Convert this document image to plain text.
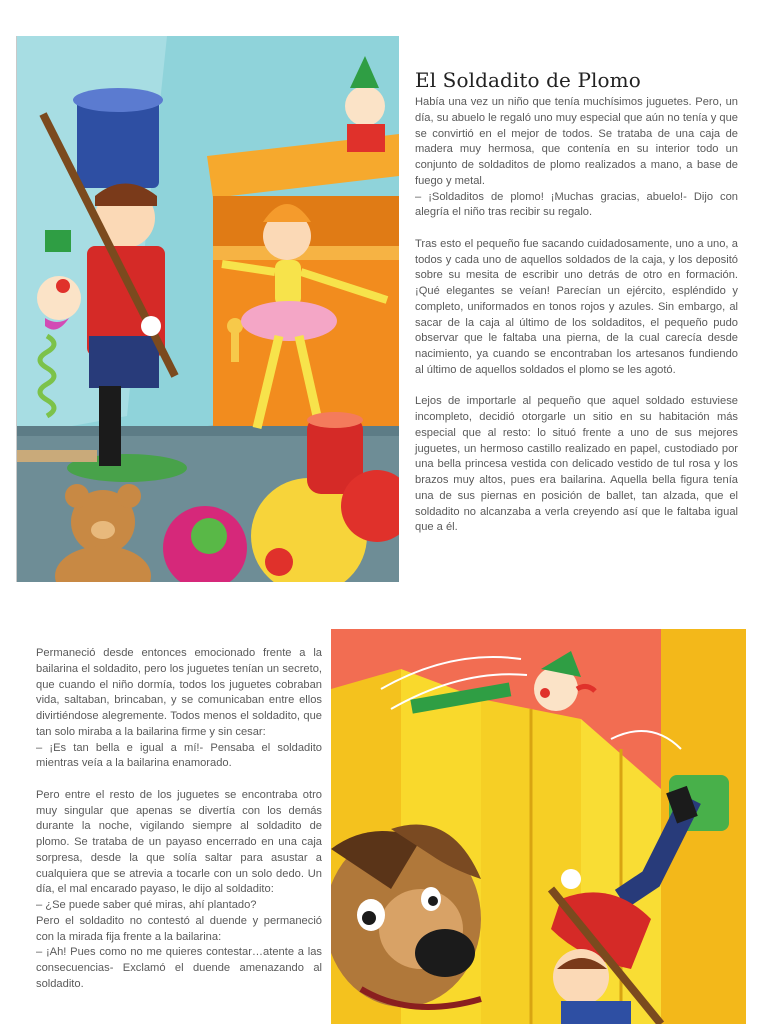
El Soldadito de Plomo

Había una vez un niño que tenía muchísimos juguetes. Pero, un día, su abuelo le regaló uno muy especial que aún no tenía y que se convirtió en el mejor de todos. Se trataba de una caja de madera muy hermosa, que contenía en su interior todo un conjunto de soldaditos de plomo realizados a mano, a base de fuego y metal.
– ¡Soldaditos de plomo! ¡Muchas gracias, abuelo!- Dijo con alegría el niño tras recibir su regalo.

Tras esto el pequeño fue sacando cuidadosamente, uno a uno, a todos y cada uno de aquellos soldados de la caja, y los depositó sobre su mesita de escribir uno detrás de otro en formación. ¡Qué elegantes se veían! Parecían un ejército, espléndido y completo, uniformados en tonos rojos y azules. Sin embargo, al sacar de la caja al último de los soldaditos, el pequeño pudo observar que le faltaba una pierna, de la cual carecía desde nacimiento, ya cuando se encontraban los artesanos fundiendo al último de aquellos soldados el plomo se les agotó.

Lejos de importarle al pequeño que aquel soldado estuviese incompleto, decidió otorgarle un sitio en su habitación más especial que al resto: lo situó frente a uno de sus mejores juguetes, un hermoso castillo realizado en papel, custodiado por una bella princesa vestida con delicado vestido de tul rosa y los brazos muy altos, pues era bailarina. Aquella bella figura tenía una de sus piernas en posición de ballet, tan alzada, que el soldadito no alcanzaba a verla creyendo así que le faltaba igual que a él.

Permaneció desde entonces emocionado frente a la bailarina el soldadito, pero los juguetes tenían un secreto, que cuando el niño dormía, todos los juguetes cobraban vida, saltaban, brincaban, y se comunicaban entre ellos divirtiéndose alegremente. Todos menos el soldadito, que tan solo miraba a la bailarina firme y sin cesar:
– ¡Es tan bella e igual a mí!- Pensaba el soldadito mientras veía a la bailarina enamorado.

Pero entre el resto de los juguetes se encontraba otro muy singular que apenas se divertía con los demás durante la noche, vigilando siempre al soldadito de plomo. Se trataba de un payaso encerrado en una caja sorpresa, desde la que solía saltar para asustar a cualquiera que se atrevia a tocarle con un solo dedo. Un día, el mal encarado payaso, le dijo al soldadito:
– ¿Se puede saber qué miras, ahí plantado?
Pero el soldadito no contestó al duende y permaneció con la mirada fija frente a la bailarina:
– ¡Ah! Pues como no me quieres contestar…atente a las consecuencias- Exclamó el duende amenazando al soldadito.
